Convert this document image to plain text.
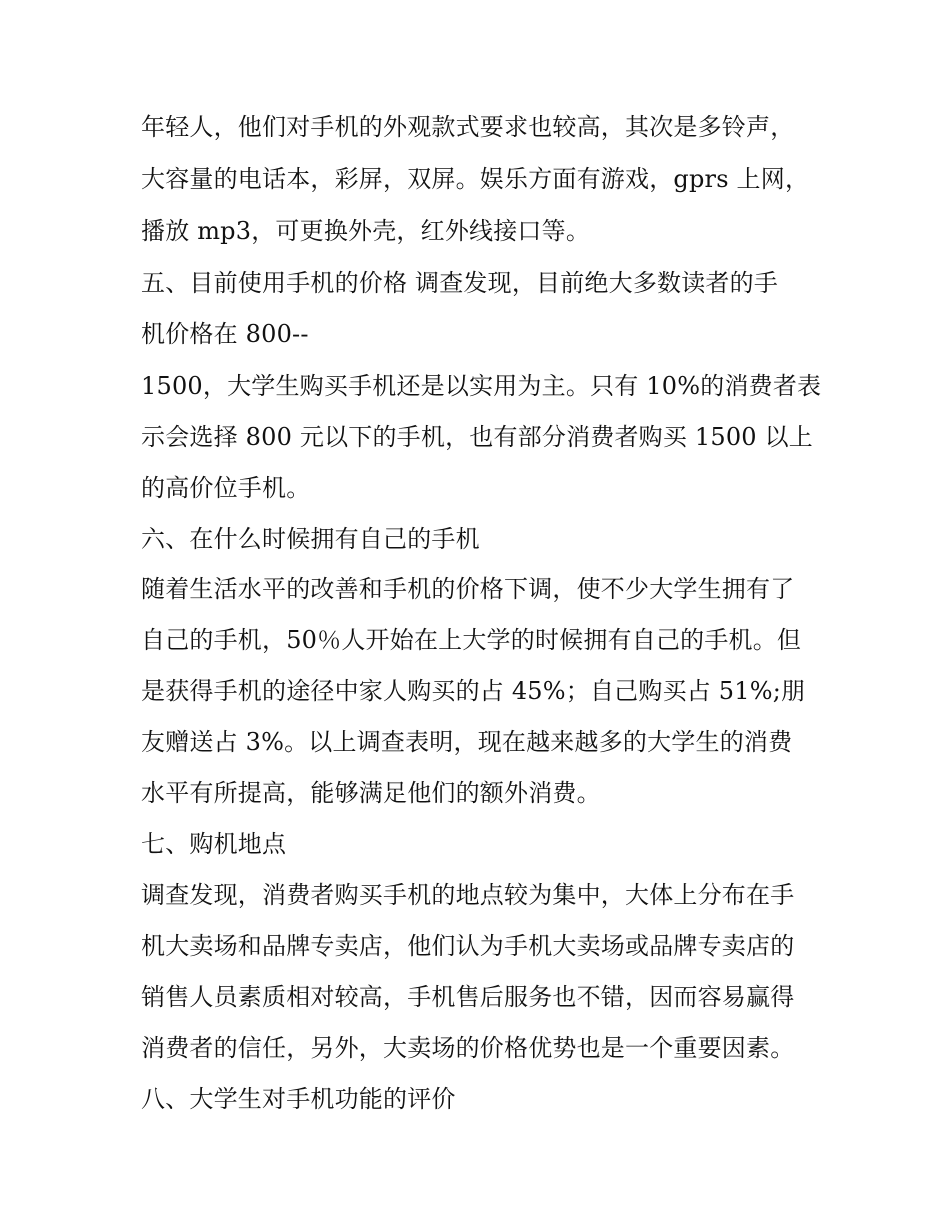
年轻人，他们对手机的外观款式要求也较高，其次是多铃声，
大容量的电话本，彩屏，双屏。娱乐方面有游戏，gprs 上网，
播放 mp3，可更换外壳，红外线接口等。
五、目前使用手机的价格 调查发现，目前绝大多数读者的手
机价格在 800--
1500，大学生购买手机还是以实用为主。只有 10%的消费者表
示会选择 800 元以下的手机，也有部分消费者购买 1500 以上
的高价位手机。
六、在什么时候拥有自己的手机
随着生活水平的改善和手机的价格下调，使不少大学生拥有了
自己的手机，50％人开始在上大学的时候拥有自己的手机。但
是获得手机的途径中家人购买的占 45%；自己购买占 51%;朋
友赠送占 3%。以上调查表明，现在越来越多的大学生的消费
水平有所提高，能够满足他们的额外消费。
七、购机地点
调查发现，消费者购买手机的地点较为集中，大体上分布在手
机大卖场和品牌专卖店，他们认为手机大卖场或品牌专卖店的
销售人员素质相对较高，手机售后服务也不错，因而容易赢得
消费者的信任，另外，大卖场的价格优势也是一个重要因素。
八、大学生对手机功能的评价
